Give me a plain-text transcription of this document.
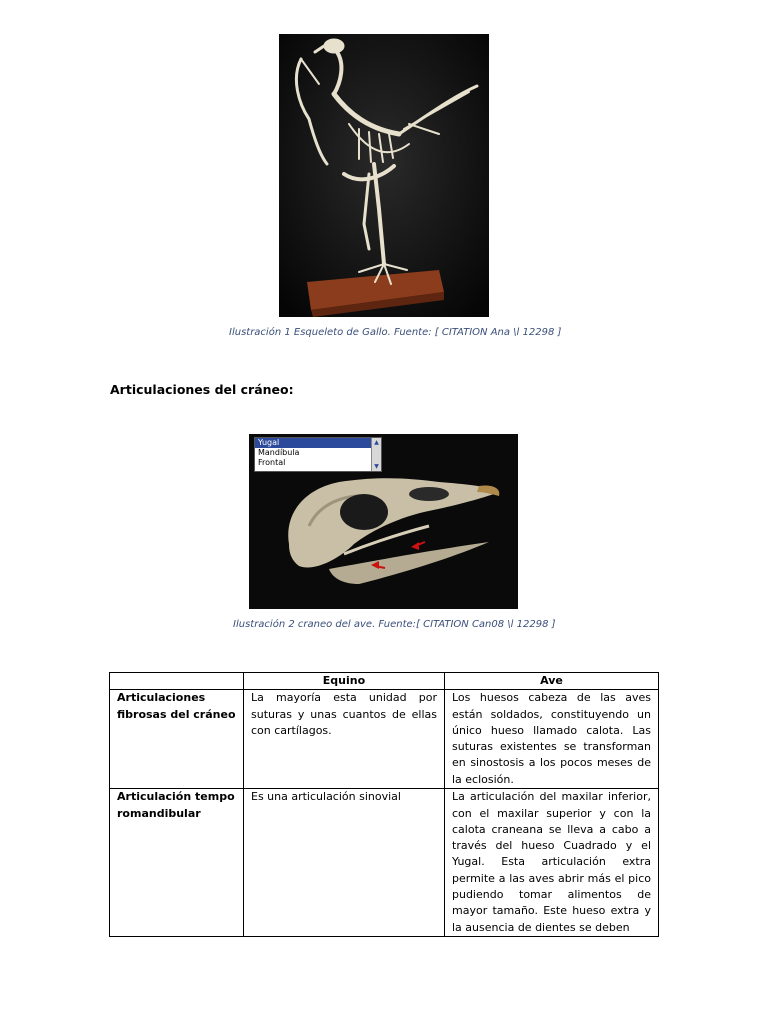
Ilustración 1 Esqueleto de Gallo. Fuente: [ CITATION Ana \l 12298 ]
Articulaciones del cráneo:
Yugal
Mandíbula
Frontal
▲
▼
Ilustración 2 craneo del ave. Fuente:[ CITATION Can08 \l 12298 ]
	Equino	Ave
Articulaciones fibrosas del cráneo	La mayoría esta unidad por suturas y unas cuantos de ellas con cartílagos.	Los huesos cabeza de las aves están soldados, constituyendo un único hueso llamado calota. Las suturas existentes se transforman en sinostosis a los pocos meses de la eclosión.
Articulación temporomandibular	Es una articulación sinovial	La articulación del maxilar inferior, con el maxilar superior y con la calota craneana se lleva a cabo a través del hueso Cuadrado y el Yugal. Esta articulación extra permite a las aves abrir más el pico pudiendo tomar alimentos de mayor tamaño. Este hueso extra y la ausencia de dientes se deben
